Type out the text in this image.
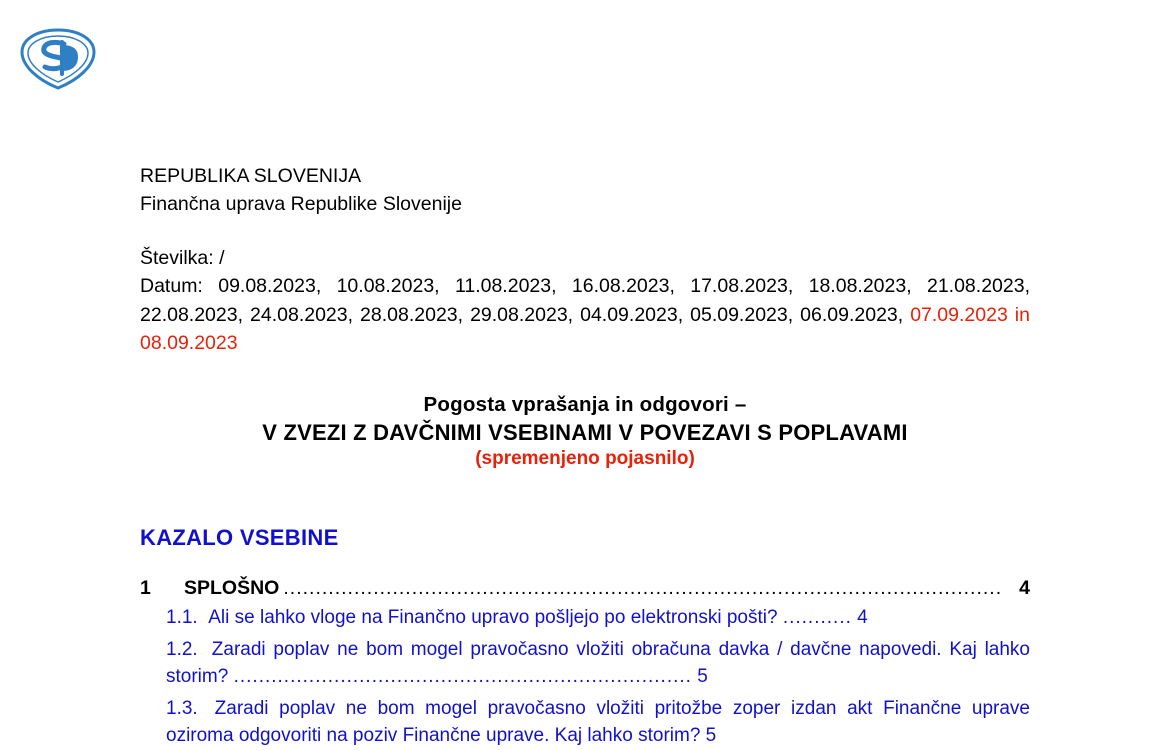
REPUBLIKA SLOVENIJA
Finančna uprava Republike Slovenije
Številka: /
Datum: 09.08.2023, 10.08.2023, 11.08.2023, 16.08.2023, 17.08.2023, 18.08.2023, 21.08.2023, 22.08.2023, 24.08.2023, 28.08.2023, 29.08.2023, 04.09.2023, 05.09.2023, 06.09.2023, 07.09.2023 in 08.09.2023
Pogosta vprašanja in odgovori –
V ZVEZI Z DAVČNIMI VSEBINAMI V POVEZAVI S POPLAVAMI
(spremenjeno pojasnilo)
KAZALO VSEBINE
1	SPLOŠNO ................................................................................................................ 4
1.1. Ali se lahko vloge na Finančno upravo pošljejo po elektronski pošti? ........... 4
1.2. Zaradi poplav ne bom mogel pravočasno vložiti obračuna davka / davčne napovedi. Kaj lahko storim? ......................................................................... 5
1.3. Zaradi poplav ne bom mogel pravočasno vložiti pritožbe zoper izdan akt Finančne uprave oziroma odgovoriti na poziv Finančne uprave. Kaj lahko storim? 5
